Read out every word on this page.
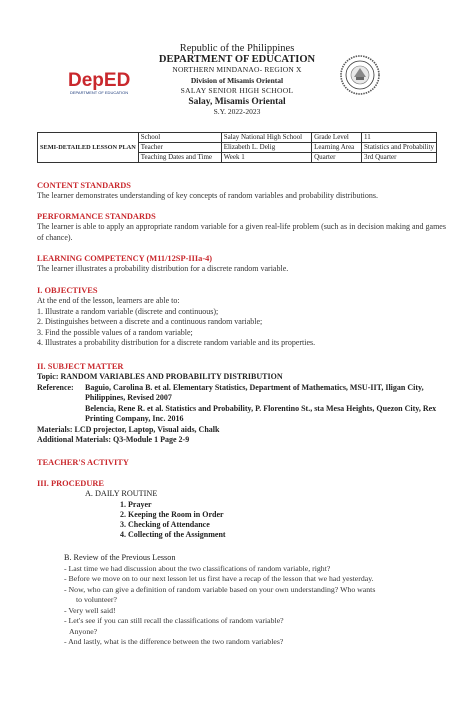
DepED
DEPARTMENT OF EDUCATION
Republic of the Philippines
DEPARTMENT OF EDUCATION
NORTHERN MINDANAO- REGION X
Division of Misamis Oriental
SALAY SENIOR HIGH SCHOOL
Salay, Misamis Oriental
S.Y. 2022-2023
SEMI-DETAILED LESSON PLAN	School	Salay National High School	Grade Level	11
	Teacher	Elizabeth L. Delig	Learning Area	Statistics and Probability
	Teaching Dates and Time	Week 1	Quarter	3rd Quarter
CONTENT STANDARDS
The learner demonstrates understanding of key concepts of random variables and probability distributions.
PERFORMANCE STANDARDS
The learner is able to apply an appropriate random variable for a given real-life problem (such as in decision making and games of chance).
LEARNING COMPETENCY (M11/12SP-IIIa-4)
The learner illustrates a probability distribution for a discrete random variable.
I. OBJECTIVES
At the end of the lesson, learners are able to:
1. Illustrate a random variable (discrete and continuous);
2. Distinguishes between a discrete and a continuous random variable;
3. Find the possible values of a random variable;
4. Illustrates a probability distribution for a discrete random variable and its properties.
II. SUBJECT MATTER
Topic: RANDOM VARIABLES AND PROBABILITY DISTRIBUTION
Reference:	Baguio, Carolina B. et al. Elementary Statistics, Department of Mathematics, MSU-IIT, Iligan City, Philippines, Revised 2007
Belencia, Rene R. et al. Statistics and Probability, P. Florentino St., sta Mesa Heights, Quezon City, Rex Printing Company, Inc. 2016
Materials: LCD projector, Laptop, Visual aids, Chalk
Additional Materials: Q3-Module 1 Page 2-9
TEACHER'S ACTIVITY
III. PROCEDURE
A. DAILY ROUTINE
1. Prayer
2. Keeping the Room in Order
3. Checking of Attendance
4. Collecting of the Assignment
B. Review of the Previous Lesson
- Last time we had discussion about the two classifications of random variable, right?
- Before we move on to our next lesson let us first have a recap of the lesson that we had yesterday.
- Now, who can give a definition of random variable based on your own understanding? Who wants
to volunteer?
- Very well said!
- Let's see if you can still recall the classifications of random variable?
Anyone?
- And lastly, what is the difference between the two random variables?
